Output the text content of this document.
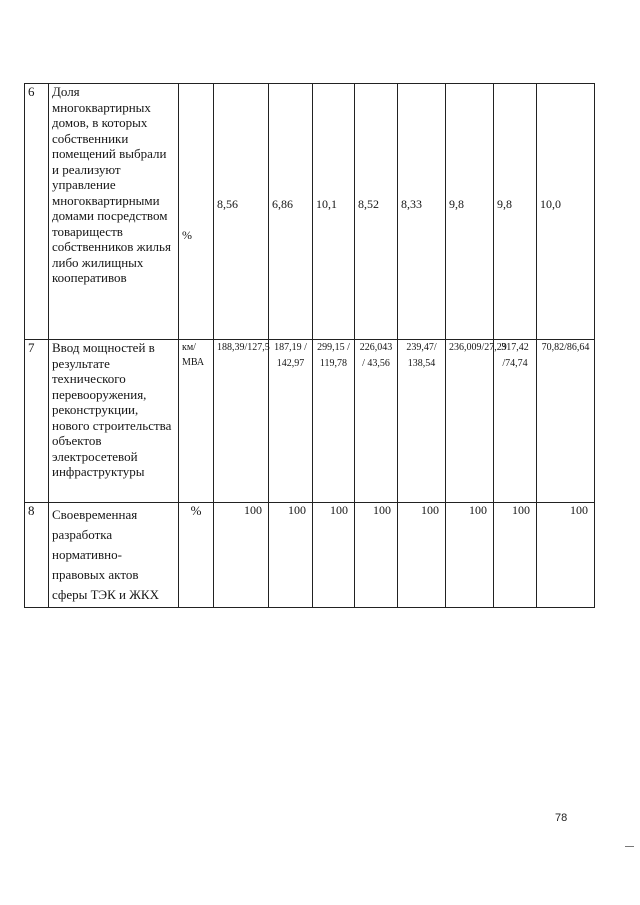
6	Доля многоквартирных домов, в которых собственники помещений выбрали и реализуют управление многоквартирными домами посредством товариществ собственников жилья либо жилищных кооперативов	%	8,56	6,86	10,1	8,52	8,33	9,8	9,8	10,0

7	Ввод мощностей в результате технического перевооружения, реконструкции, нового строительства объектов электросетевой инфраструктуры	км/ МВА	188,39/127,5	187,19 / 142,97	299,15 / 119,78	226,043 / 43,56	239,47/ 138,54	236,009/27,29	317,42 /74,74	70,82/86,64
8	Своевременная разработка нормативно-правовых актов сферы ТЭК и ЖКХ	%	100	100	100	100	100	100	100	100
78
